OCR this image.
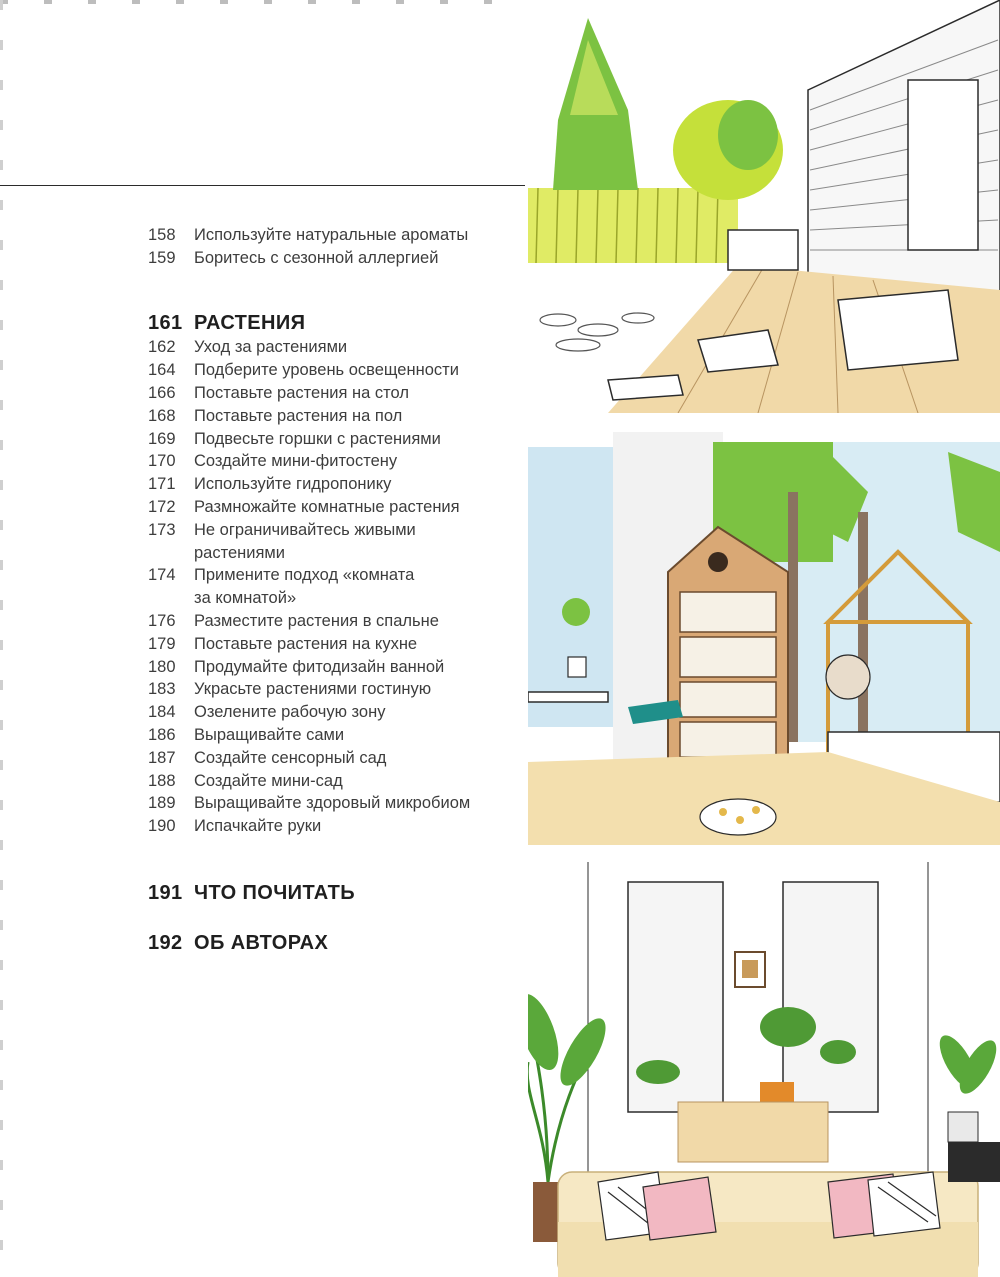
158	Используйте натуральные ароматы
159	Боритесь с сезонной аллергией
161 РАСТЕНИЯ
162	Уход за растениями
164	Подберите уровень освещенности
166	Поставьте растения на стол
168	Поставьте растения на пол
169	Подвесьте горшки с растениями
170	Создайте мини-фитостену
171	Используйте гидропонику
172	Размножайте комнатные растения
173	Не ограничивайтесь живыми
растениями
174	Примените подход «комната
за комнатой»
176	Разместите растения в спальне
179	Поставьте растения на кухне
180	Продумайте фитодизайн ванной
183	Украсьте растениями гостиную
184	Озелените рабочую зону
186	Выращивайте сами
187	Создайте сенсорный сад
188	Создайте мини-сад
189	Выращивайте здоровый микробиом
190	Испачкайте руки
191 ЧТО ПОЧИТАТЬ
192 ОБ АВТОРАХ
